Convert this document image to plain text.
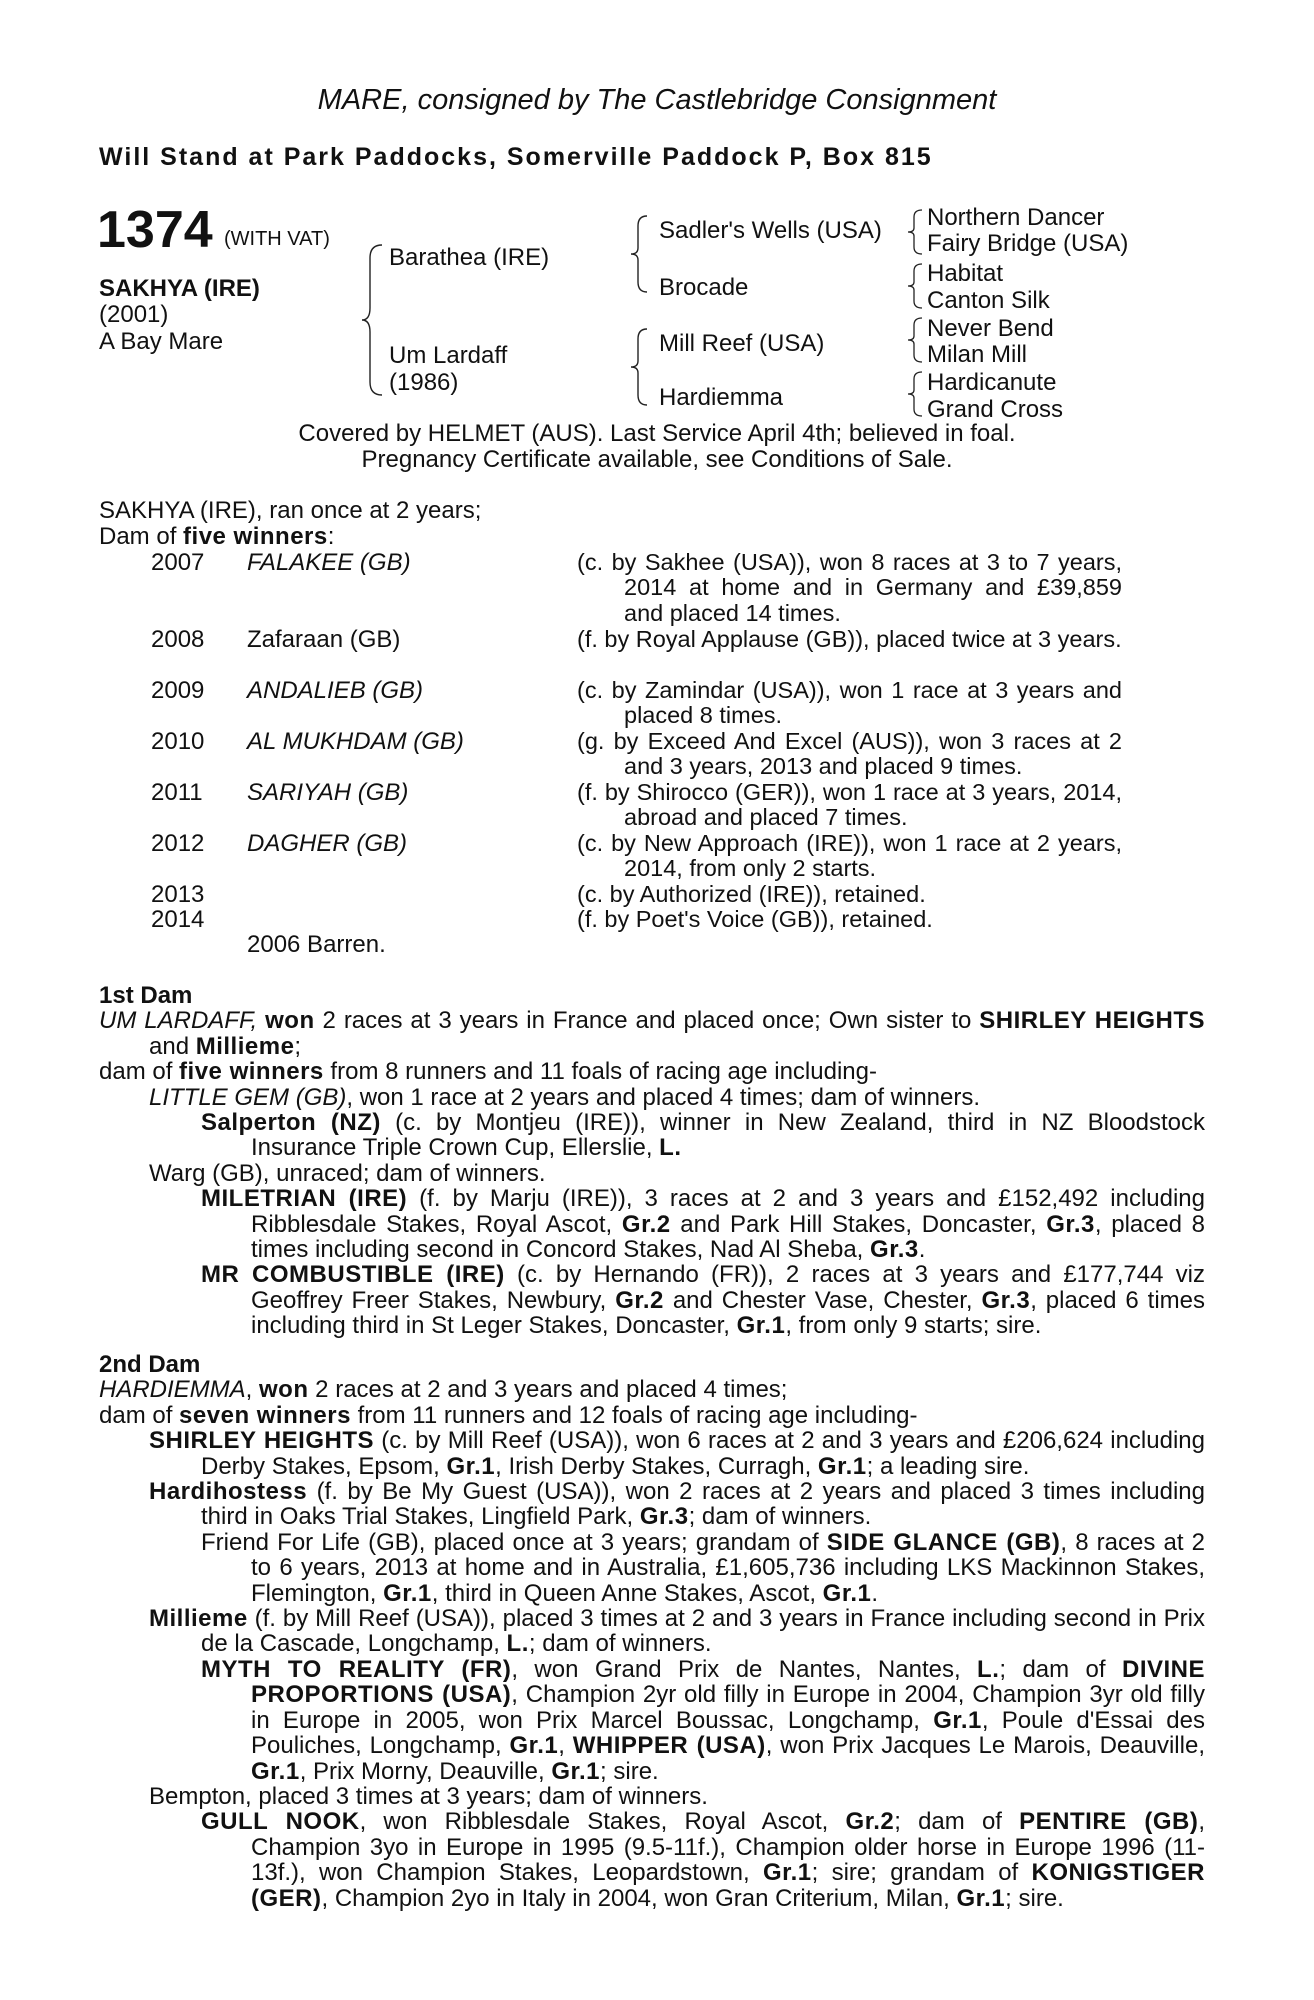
MARE, consigned by The Castlebridge Consignment
Will Stand at Park Paddocks, Somerville Paddock P, Box 815
1374 (WITH VAT)
SAKHYA (IRE)
(2001)
A Bay Mare
Barathea (IRE)
Um Lardaff
(1986)
Sadler's Wells (USA)
Brocade
Mill Reef (USA)
Hardiemma
Northern Dancer
Fairy Bridge (USA)
Habitat
Canton Silk
Never Bend
Milan Mill
Hardicanute
Grand Cross
Covered by HELMET (AUS). Last Service April 4th; believed in foal.
Pregnancy Certificate available, see Conditions of Sale.
SAKHYA (IRE), ran once at 2 years;
Dam of five winners:
2007 FALAKEE (GB)	(c. by Sakhee (USA)), won 8 races at 3 to 7 years, 2014 at home and in Germany and £39,859 and placed 14 times.

2008 Zafaraan (GB)	(f. by Royal Applause (GB)), placed twice at 3 years.

2009 ANDALIEB (GB)	(c. by Zamindar (USA)), won 1 race at 3 years and placed 8 times.

2010 AL MUKHDAM (GB)	(g. by Exceed And Excel (AUS)), won 3 races at 2 and 3 years, 2013 and placed 9 times.

2011 SARIYAH (GB)	(f. by Shirocco (GER)), won 1 race at 3 years, 2014, abroad and placed 7 times.

2012 DAGHER (GB)	(c. by New Approach (IRE)), won 1 race at 2 years, 2014, from only 2 starts.

2013	(c. by Authorized (IRE)), retained.

2014	(f. by Poet's Voice (GB)), retained.

2006 Barren.

1st Dam

UM LARDAFF, won 2 races at 3 years in France and placed once; Own sister to SHIRLEY HEIGHTS and Millieme;

dam of five winners from 8 runners and 11 foals of racing age including-

LITTLE GEM (GB), won 1 race at 2 years and placed 4 times; dam of winners.

Salperton (NZ) (c. by Montjeu (IRE)), winner in New Zealand, third in NZ Bloodstock Insurance Triple Crown Cup, Ellerslie, L.

Warg (GB), unraced; dam of winners.

MILETRIAN (IRE) (f. by Marju (IRE)), 3 races at 2 and 3 years and £152,492 including Ribblesdale Stakes, Royal Ascot, Gr.2 and Park Hill Stakes, Doncaster, Gr.3, placed 8 times including second in Concord Stakes, Nad Al Sheba, Gr.3.

MR COMBUSTIBLE (IRE) (c. by Hernando (FR)), 2 races at 3 years and £177,744 viz Geoffrey Freer Stakes, Newbury, Gr.2 and Chester Vase, Chester, Gr.3, placed 6 times including third in St Leger Stakes, Doncaster, Gr.1, from only 9 starts; sire.

2nd Dam

HARDIEMMA, won 2 races at 2 and 3 years and placed 4 times;

dam of seven winners from 11 runners and 12 foals of racing age including-

SHIRLEY HEIGHTS (c. by Mill Reef (USA)), won 6 races at 2 and 3 years and £206,624 including Derby Stakes, Epsom, Gr.1, Irish Derby Stakes, Curragh, Gr.1; a leading sire.

Hardihostess (f. by Be My Guest (USA)), won 2 races at 2 years and placed 3 times including third in Oaks Trial Stakes, Lingfield Park, Gr.3; dam of winners.

Friend For Life (GB), placed once at 3 years; grandam of SIDE GLANCE (GB), 8 races at 2 to 6 years, 2013 at home and in Australia, £1,605,736 including LKS Mackinnon Stakes, Flemington, Gr.1, third in Queen Anne Stakes, Ascot, Gr.1.

Millieme (f. by Mill Reef (USA)), placed 3 times at 2 and 3 years in France including second in Prix de la Cascade, Longchamp, L.; dam of winners.

MYTH TO REALITY (FR), won Grand Prix de Nantes, Nantes, L.; dam of DIVINE PROPORTIONS (USA), Champion 2yr old filly in Europe in 2004, Champion 3yr old filly in Europe in 2005, won Prix Marcel Boussac, Longchamp, Gr.1, Poule d'Essai des Pouliches, Longchamp, Gr.1, WHIPPER (USA), won Prix Jacques Le Marois, Deauville, Gr.1, Prix Morny, Deauville, Gr.1; sire.

Bempton, placed 3 times at 3 years; dam of winners.

GULL NOOK, won Ribblesdale Stakes, Royal Ascot, Gr.2; dam of PENTIRE (GB), Champion 3yo in Europe in 1995 (9.5-11f.), Champion older horse in Europe 1996 (11-13f.), won Champion Stakes, Leopardstown, Gr.1; sire; grandam of KONIGSTIGER (GER), Champion 2yo in Italy in 2004, won Gran Criterium, Milan, Gr.1; sire.
